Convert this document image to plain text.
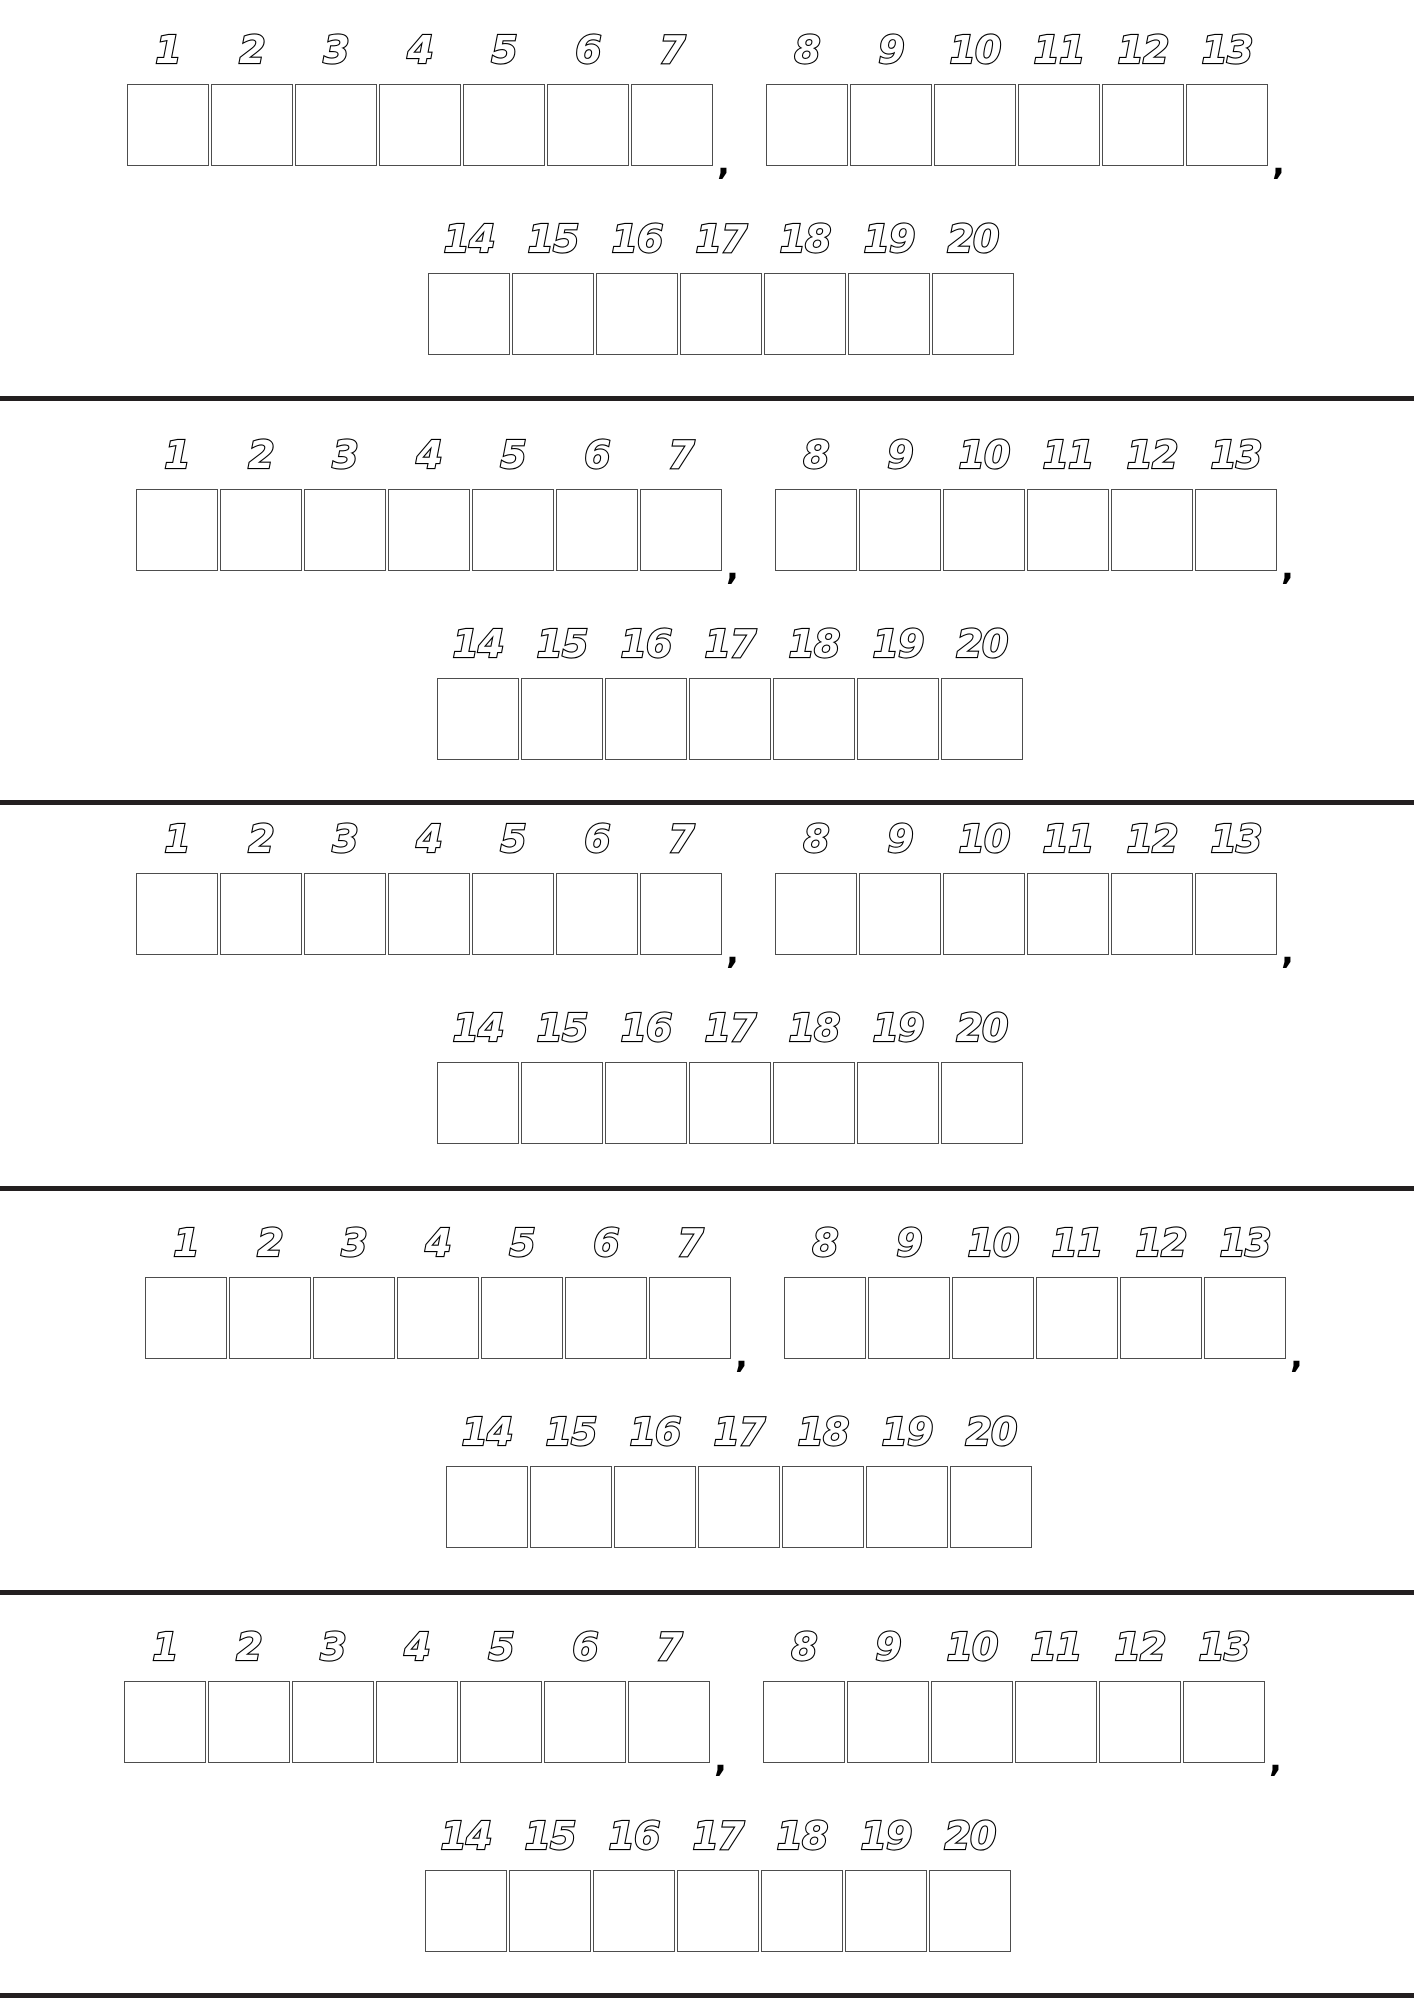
1	2	3	4	5	6	7
,
8	9	10 11 12 13
,
14 15 16 17 18 19 20
1	2	3	4	5	6	7
,
8	9	10 11 12 13
,
14 15 16 17 18 19 20
1	2	3	4	5	6	7
,
8	9	10 11 12 13
,
14 15 16 17 18 19 20
1	2	3	4	5	6	7
,
8	9	10 11 12 13
,
14 15 16 17 18 19 20
1	2	3	4	5	6	7
,
8	9	10 11 12 13
,
14 15 16 17 18 19 20
